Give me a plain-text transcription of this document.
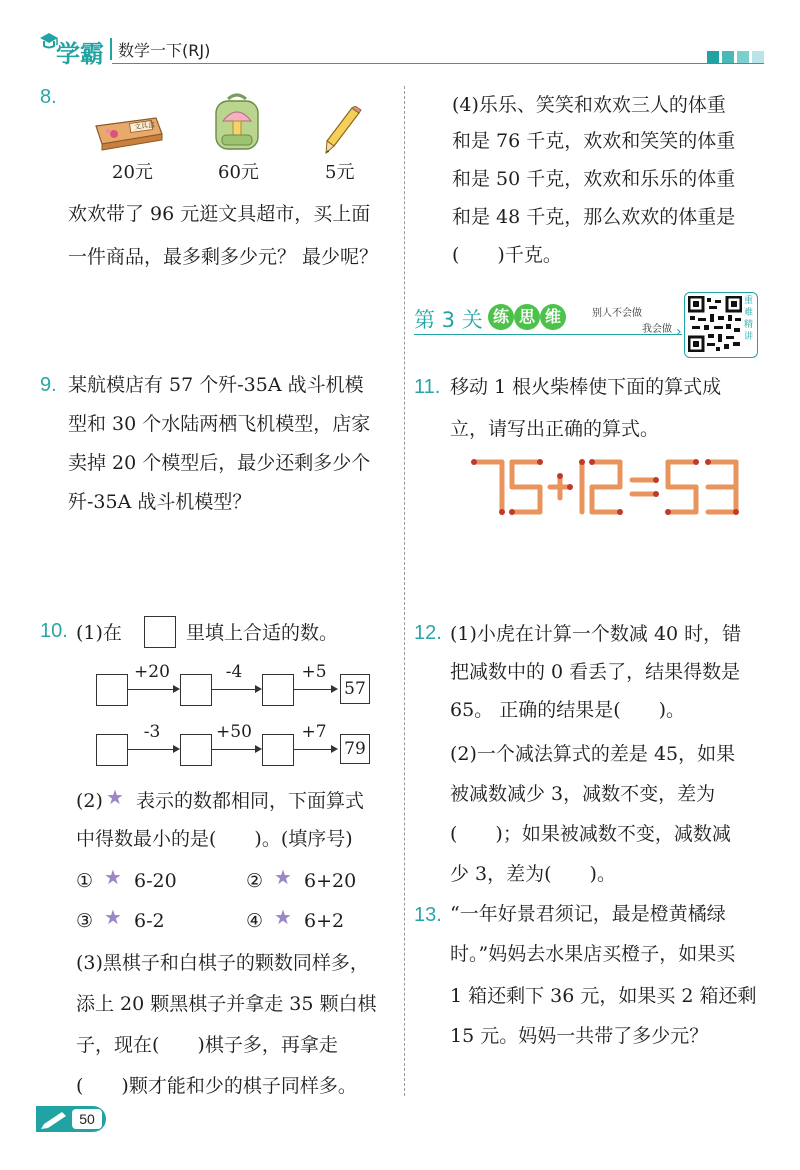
学霸 数学一下(RJ)
8.
文具盒
20元	60元	5元
欢欢带了 96 元逛文具超市，买上面
一件商品，最多剩多少元？ 最少呢？
9. 某航模店有 57 个歼-35A 战斗机模
型和 30 个水陆两栖飞机模型，店家
卖掉 20 个模型后，最少还剩多少个
歼-35A 战斗机模型？
10. (1)在	里填上合适的数。
+20	-4	+5
57
-3	+50	+7
79
(2) ★ 表示的数都相同，下面算式
中得数最小的是(　　)。(填序号)
① ★ 6-20	② ★ 6+20
③ ★ 6-2	④ ★ 6+2
(3)黑棋子和白棋子的颗数同样多，
添上 20 颗黑棋子并拿走 35 颗白棋
子，现在(　　)棋子多，再拿走
(　　)颗才能和少的棋子同样多。
(4)乐乐、笑笑和欢欢三人的体重
和是 76 千克，欢欢和笑笑的体重
和是 50 千克，欢欢和乐乐的体重
和是 48 千克，那么欢欢的体重是
(　　)千克。
第 3 关 练 思 维	别人不会做
我会做 ›
重
难
精
讲
11. 移动 1 根火柴棒使下面的算式成
立，请写出正确的算式。
75+12=53
12. (1)小虎在计算一个数减 40 时，错
把减数中的 0 看丢了，结果得数是
65。 正确的结果是(　　)。
(2)一个减法算式的差是 45，如果
被减数减少 3，减数不变，差为
(　　)；如果被减数不变，减数减
少 3，差为(　　)。
13. “一年好景君须记，最是橙黄橘绿
时。”妈妈去水果店买橙子，如果买
1 箱还剩下 36 元，如果买 2 箱还剩
15 元。妈妈一共带了多少元？
50
